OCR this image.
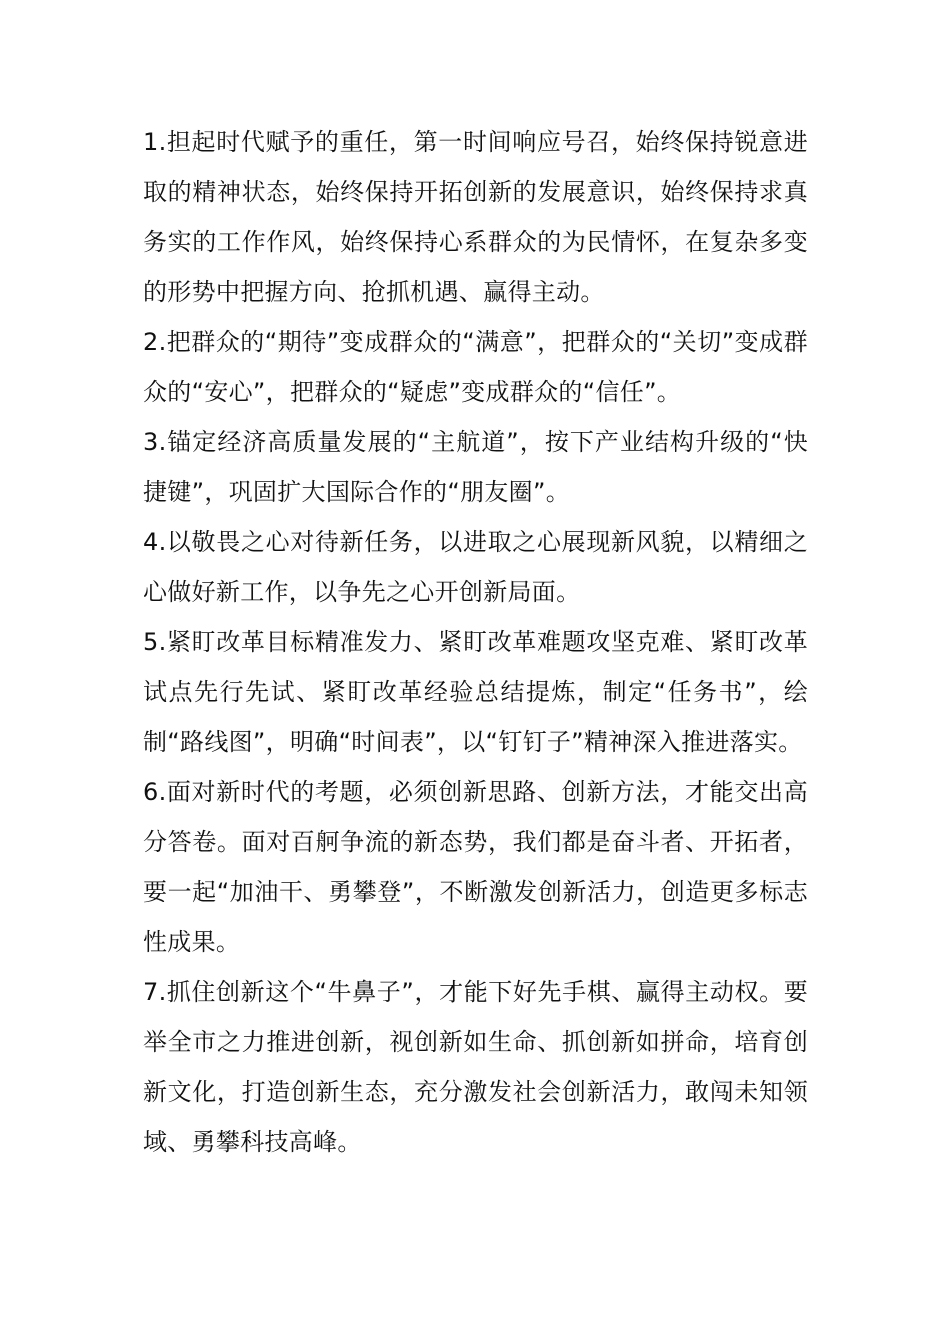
1.担起时代赋予的重任，第一时间响应号召，始终保持锐意进取的精神状态，始终保持开拓创新的发展意识，始终保持求真务实的工作作风，始终保持心系群众的为民情怀，在复杂多变的形势中把握方向、抢抓机遇、赢得主动。

2.把群众的“期待”变成群众的“满意”，把群众的“关切”变成群众的“安心”，把群众的“疑虑”变成群众的“信任”。

3.锚定经济高质量发展的“主航道”，按下产业结构升级的“快捷键”，巩固扩大国际合作的“朋友圈”。

4.以敬畏之心对待新任务，以进取之心展现新风貌，以精细之心做好新工作，以争先之心开创新局面。

5.紧盯改革目标精准发力、紧盯改革难题攻坚克难、紧盯改革试点先行先试、紧盯改革经验总结提炼，制定“任务书”，绘制“路线图”，明确“时间表”，以“钉钉子”精神深入推进落实。

6.面对新时代的考题，必须创新思路、创新方法，才能交出高分答卷。面对百舸争流的新态势，我们都是奋斗者、开拓者，要一起“加油干、勇攀登”，不断激发创新活力，创造更多标志性成果。

7.抓住创新这个“牛鼻子”，才能下好先手棋、赢得主动权。要举全市之力推进创新，视创新如生命、抓创新如拼命，培育创新文化，打造创新生态，充分激发社会创新活力，敢闯未知领域、勇攀科技高峰。
